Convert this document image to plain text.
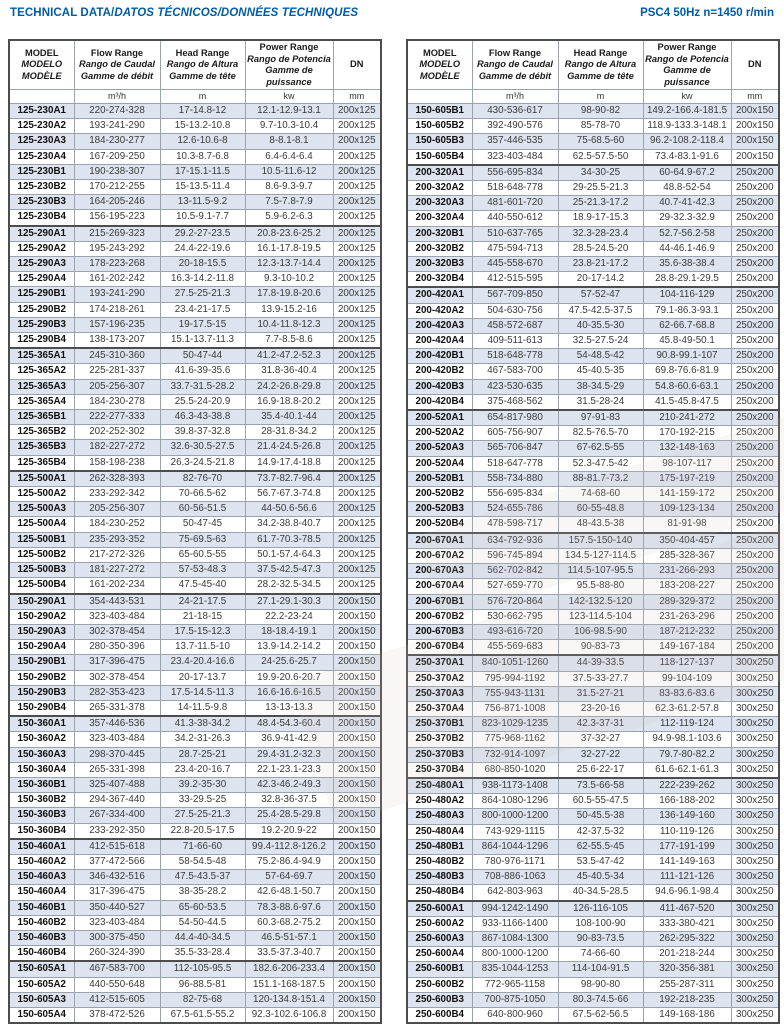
TECHNICAL DATA/DATOS TÉCNICOS/DONNÉES TECHNIQUES	PSC4 50Hz n=1450 r/min
MODEL
MODELO
MODÈLE	Flow Range
Rango de Caudal
Gamme de débit	Head Range
Rango de Altura
Gamme de tête	Power Range
Rango de Potencia
Gamme de puissance	DN

	m³/h	m	kw	mm
125-230A1	220-274-328	17-14.8-12	12.1-12.9-13.1	200x125
125-230A2	193-241-290	15-13.2-10.8	9.7-10.3-10.4	200x125
125-230A3	184-230-277	12.6-10.6-8	8-8.1-8.1	200x125
125-230A4	167-209-250	10.3-8.7-6.8	6.4-6.4-6.4	200x125
125-230B1	190-238-307	17-15.1-11.5	10.5-11.6-12	200x125
125-230B2	170-212-255	15-13.5-11.4	8.6-9.3-9.7	200x125
125-230B3	164-205-246	13-11.5-9.2	7.5-7.8-7.9	200x125
125-230B4	156-195-223	10.5-9.1-7.7	5.9-6.2-6.3	200x125
125-290A1	215-269-323	29.2-27-23.5	20.8-23.6-25.2	200x125
125-290A2	195-243-292	24.4-22-19.6	16.1-17.8-19.5	200x125
125-290A3	178-223-268	20-18-15.5	12.3-13.7-14.4	200x125
125-290A4	161-202-242	16.3-14.2-11.8	9.3-10-10.2	200x125
125-290B1	193-241-290	27.5-25-21.3	17.8-19.8-20.6	200x125
125-290B2	174-218-261	23.4-21-17.5	13.9-15.2-16	200x125
125-290B3	157-196-235	19-17.5-15	10.4-11.8-12.3	200x125
125-290B4	138-173-207	15.1-13.7-11.3	7.7-8.5-8.6	200x125
125-365A1	245-310-360	50-47-44	41.2-47.2-52.3	200x125
125-365A2	225-281-337	41.6-39-35.6	31.8-36-40.4	200x125
125-365A3	205-256-307	33.7-31.5-28.2	24.2-26.8-29.8	200x125
125-365A4	184-230-278	25.5-24-20.9	16.9-18.8-20.2	200x125
125-365B1	222-277-333	46.3-43-38.8	35.4-40.1-44	200x125
125-365B2	202-252-302	39.8-37-32.8	28-31.8-34.2	200x125
125-365B3	182-227-272	32.6-30.5-27.5	21.4-24.5-26.8	200x125
125-365B4	158-198-238	26.3-24.5-21.8	14.9-17.4-18.8	200x125
125-500A1	262-328-393	82-76-70	73.7-82.7-96.4	200x125
125-500A2	233-292-342	70-66.5-62	56.7-67.3-74.8	200x125
125-500A3	205-256-307	60-56-51.5	44-50.6-56.6	200x125
125-500A4	184-230-252	50-47-45	34.2-38.8-40.7	200x125
125-500B1	235-293-352	75-69.5-63	61.7-70.3-78.5	200x125
125-500B2	217-272-326	65-60.5-55	50.1-57.4-64.3	200x125
125-500B3	181-227-272	57-53-48.3	37.5-42.5-47.3	200x125
125-500B4	161-202-234	47.5-45-40	28.2-32.5-34.5	200x125
150-290A1	354-443-531	24-21-17.5	27.1-29.1-30.3	200x150
150-290A2	323-403-484	21-18-15	22.2-23-24	200x150
150-290A3	302-378-454	17.5-15-12.3	18-18.4-19.1	200x150
150-290A4	280-350-396	13.7-11.5-10	13.9-14.2-14.2	200x150
150-290B1	317-396-475	23.4-20.4-16.6	24-25.6-25.7	200x150
150-290B2	302-378-454	20-17-13.7	19.9-20.6-20.7	200x150
150-290B3	282-353-423	17.5-14.5-11.3	16.6-16.6-16.5	200x150
150-290B4	265-331-378	14-11.5-9.8	13-13-13.3	200x150
150-360A1	357-446-536	41.3-38-34.2	48.4-54.3-60.4	200x150
150-360A2	323-403-484	34.2-31-26.3	36.9-41-42.9	200x150
150-360A3	298-370-445	28.7-25-21	29.4-31.2-32.3	200x150
150-360A4	265-331-398	23.4-20-16.7	22.1-23.1-23.3	200x150
150-360B1	325-407-488	39.2-35-30	42.3-46.2-49.3	200x150
150-360B2	294-367-440	33-29.5-25	32.8-36-37.5	200x150
150-360B3	267-334-400	27.5-25-21.3	25.4-28.5-29.8	200x150
150-360B4	233-292-350	22.8-20.5-17.5	19.2-20.9-22	200x150
150-460A1	412-515-618	71-66-60	99.4-112.8-126.2	200x150
150-460A2	377-472-566	58-54.5-48	75.2-86.4-94.9	200x150
150-460A3	346-432-516	47.5-43.5-37	57-64-69.7	200x150
150-460A4	317-396-475	38-35-28.2	42.6-48.1-50.7	200x150
150-460B1	350-440-527	65-60-53.5	78.3-88.6-97.6	200x150
150-460B2	323-403-484	54-50-44.5	60.3-68.2-75.2	200x150
150-460B3	300-375-450	44.4-40-34.5	46.5-51-57.1	200x150
150-460B4	260-324-390	35.5-33-28.4	33.5-37.3-40.7	200x150
150-605A1	467-583-700	112-105-95.5	182.6-206-233.4	200x150
150-605A2	440-550-648	96-88.5-81	151.1-168-187.5	200x150
150-605A3	412-515-605	82-75-68	120-134.8-151.4	200x150
150-605A4	378-472-526	67.5-61.5-55.2	92.3-102.6-106.8	200x150
MODEL
MODELO
MODÈLE	Flow Range
Rango de Caudal
Gamme de débit	Head Range
Rango de Altura
Gamme de tête	Power Range
Rango de Potencia
Gamme de puissance	DN

	m³/h	m	kw	mm
150-605B1	430-536-617	98-90-82	149.2-166.4-181.5	200x150
150-605B2	392-490-576	85-78-70	118.9-133.3-148.1	200x150
150-605B3	357-446-535	75-68.5-60	96.2-108.2-118.4	200x150
150-605B4	323-403-484	62.5-57.5-50	73.4-83.1-91.6	200x150
200-320A1	556-695-834	34-30-25	60-64.9-67.2	250x200
200-320A2	518-648-778	29-25.5-21.3	48.8-52-54	250x200
200-320A3	481-601-720	25-21.3-17.2	40.7-41-42.3	250x200
200-320A4	440-550-612	18.9-17-15.3	29-32.3-32.9	250x200
200-320B1	510-637-765	32.3-28-23.4	52.7-56.2-58	250x200
200-320B2	475-594-713	28.5-24.5-20	44-46.1-46.9	250x200
200-320B3	445-558-670	23.8-21-17.2	35.6-38-38.4	250x200
200-320B4	412-515-595	20-17-14.2	28.8-29.1-29.5	250x200
200-420A1	567-709-850	57-52-47	104-116-129	250x200
200-420A2	504-630-756	47.5-42.5-37.5	79.1-86.3-93.1	250x200
200-420A3	458-572-687	40-35.5-30	62-66.7-68.8	250x200
200-420A4	409-511-613	32.5-27.5-24	45.8-49-50.1	250x200
200-420B1	518-648-778	54-48.5-42	90.8-99.1-107	250x200
200-420B2	467-583-700	45-40.5-35	69.8-76.6-81.9	250x200
200-420B3	423-530-635	38-34.5-29	54.8-60.6-63.1	250x200
200-420B4	375-468-562	31.5-28-24	41.5-45.8-47.5	250x200
200-520A1	654-817-980	97-91-83	210-241-272	250x200
200-520A2	605-756-907	82.5-76.5-70	170-192-215	250x200
200-520A3	565-706-847	67-62.5-55	132-148-163	250x200
200-520A4	518-647-778	52.3-47.5-42	98-107-117	250x200
200-520B1	558-734-880	88-81.7-73.2	175-197-219	250x200
200-520B2	556-695-834	74-68-60	141-159-172	250x200
200-520B3	524-655-786	60-55-48.8	109-123-134	250x200
200-520B4	478-598-717	48-43.5-38	81-91-98	250x200
200-670A1	634-792-936	157.5-150-140	350-404-457	250x200
200-670A2	596-745-894	134.5-127-114.5	285-328-367	250x200
200-670A3	562-702-842	114.5-107-95.5	231-266-293	250x200
200-670A4	527-659-770	95.5-88-80	183-208-227	250x200
200-670B1	576-720-864	142-132.5-120	289-329-372	250x200
200-670B2	530-662-795	123-114.5-104	231-263-296	250x200
200-670B3	493-616-720	106-98.5-90	187-212-232	250x200
200-670B4	455-569-683	90-83-73	149-167-184	250x200
250-370A1	840-1051-1260	44-39-33.5	118-127-137	300x250
250-370A2	795-994-1192	37.5-33-27.7	99-104-109	300x250
250-370A3	755-943-1131	31.5-27-21	83-83.6-83.6	300x250
250-370A4	756-871-1008	23-20-16	62.3-61.2-57.8	300x250
250-370B1	823-1029-1235	42.3-37-31	112-119-124	300x250
250-370B2	775-968-1162	37-32-27	94.9-98.1-103.6	300x250
250-370B3	732-914-1097	32-27-22	79.7-80-82.2	300x250
250-370B4	680-850-1020	25.6-22-17	61.6-62.1-61.3	300x250
250-480A1	938-1173-1408	73.5-66-58	222-239-262	300x250
250-480A2	864-1080-1296	60.5-55-47.5	166-188-202	300x250
250-480A3	800-1000-1200	50-45.5-38	136-149-160	300x250
250-480A4	743-929-1115	42-37.5-32	110-119-126	300x250
250-480B1	864-1044-1296	62-55.5-45	177-191-199	300x250
250-480B2	780-976-1171	53.5-47-42	141-149-163	300x250
250-480B3	708-886-1063	45-40.5-34	111-121-126	300x250
250-480B4	642-803-963	40-34.5-28.5	94.6-96.1-98.4	300x250
250-600A1	994-1242-1490	126-116-105	411-467-520	300x250
250-600A2	933-1166-1400	108-100-90	333-380-421	300x250
250-600A3	867-1084-1300	90-83-73.5	262-295-322	300x250
250-600A4	800-1000-1200	74-66-60	201-218-244	300x250
250-600B1	835-1044-1253	114-104-91.5	320-356-381	300x250
250-600B2	772-965-1158	98-90-80	255-287-311	300x250
250-600B3	700-875-1050	80.3-74.5-66	192-218-235	300x250
250-600B4	640-800-960	67.5-62-56.5	149-168-186	300x250
